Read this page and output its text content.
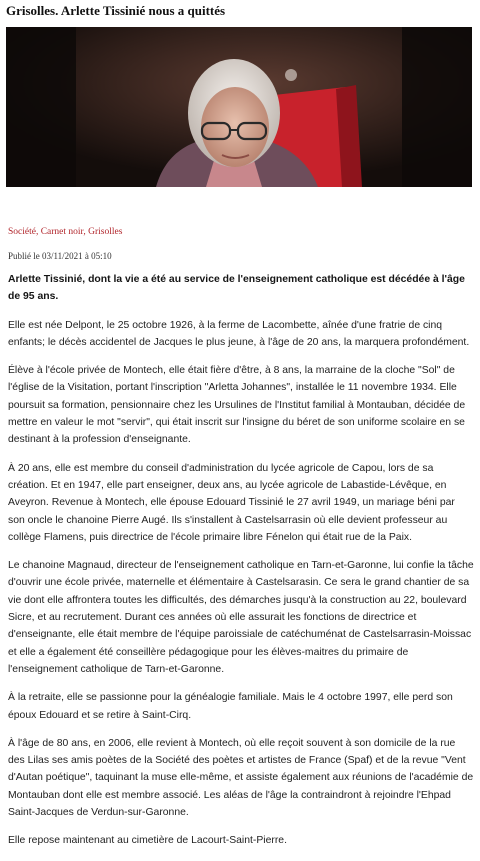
Grisolles. Arlette Tissinié nous a quittés
Société, Carnet noir, Grisolles
Publié le 03/11/2021 à 05:10

Arlette Tissinié, dont la vie a été au service de l'enseignement catholique est décédée à l'âge de 95 ans.

Elle est née Delpont, le 25 octobre 1926, à la ferme de Lacombette, aînée d'une fratrie de cinq enfants; le décès accidentel de Jacques le plus jeune, à l'âge de 20 ans, la marquera profondément.

Élève à l'école privée de Montech, elle était fière d'être, à 8 ans, la marraine de la cloche "Sol" de l'église de la Visitation, portant l'inscription "Arletta Johannes", installée le 11 novembre 1934. Elle poursuit sa formation, pensionnaire chez les Ursulines de l'Institut familial à Montauban, décidée de mettre en valeur le mot "servir", qui était inscrit sur l'insigne du béret de son uniforme scolaire en se destinant à la profession d'enseignante.

À 20 ans, elle est membre du conseil d'administration du lycée agricole de Capou, lors de sa création. Et en 1947, elle part enseigner, deux ans, au lycée agricole de Labastide-Lévêque, en Aveyron. Revenue à Montech, elle épouse Edouard Tissinié le 27 avril 1949, un mariage béni par son oncle le chanoine Pierre Augé. Ils s'installent à Castelsarrasin où elle devient professeur au collège Flamens, puis directrice de l'école primaire libre Fénelon qui était rue de la Paix.

Le chanoine Magnaud, directeur de l'enseignement catholique en Tarn-et-Garonne, lui confie la tâche d'ouvrir une école privée, maternelle et élémentaire à Castelsarasin. Ce sera le grand chantier de sa vie dont elle affrontera toutes les difficultés, des démarches jusqu'à la construction au 22, boulevard Sicre, et au recrutement. Durant ces années où elle assurait les fonctions de directrice et d'enseignante, elle était membre de l'équipe paroissiale de catéchuménat de Castelsarrasin-Moissac et elle a également été conseillère pédagogique pour les élèves-maitres du primaire de l'enseignement catholique de Tarn-et-Garonne.

À la retraite, elle se passionne pour la généalogie familiale. Mais le 4 octobre 1997, elle perd son époux Edouard et se retire à Saint-Cirq.

À l'âge de 80 ans, en 2006, elle revient à Montech, où elle reçoit souvent à son domicile de la rue des Lilas ses amis poètes de la Société des poètes et artistes de France (Spaf) et de la revue "Vent d'Autan poétique", taquinant la muse elle-même, et assiste également aux réunions de l'académie de Montauban dont elle est membre associé. Les aléas de l'âge la contraindront à rejoindre l'Ehpad Saint-Jacques de Verdun-sur-Garonne.

Elle repose maintenant au cimetière de Lacourt-Saint-Pierre.
